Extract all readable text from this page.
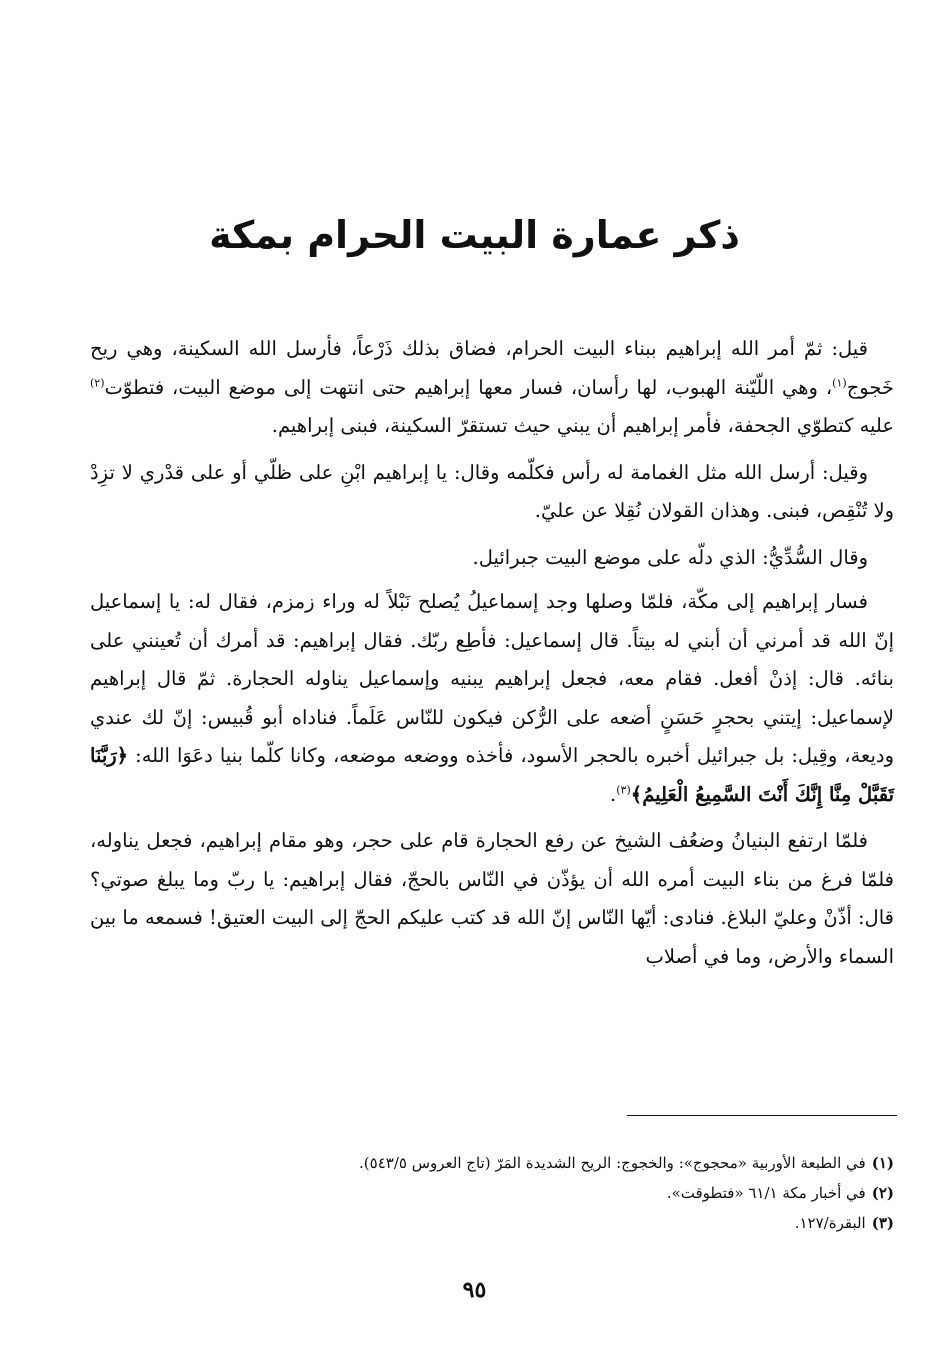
ذكر عمارة البيت الحرام بمكة

قيل: ثمّ أمر الله إبراهيم ببناء البيت الحرام، فضاق بذلك ذَرْعاً، فأرسل الله السكينة، وهي ريح خَجوج$^{(١)}$، وهي اللّيّنة الهبوب، لها رأسان، فسار معها إبراهيم حتى انتهت إلى موضع البيت، فتطوّت$^{(٢)}$ عليه كتطوّي الجحفة، فأمر إبراهيم أن يبني حيث تستقرّ السكينة، فبنى إبراهيم.

وقيل: أرسل الله مثل الغمامة له رأس فكلّمه وقال: يا إبراهيم ابْنِ على ظلّي أو على قدْري لا تزِدْ ولا تُنْقِص، فبنى. وهذان القولان نُقِلا عن عليّ.

وقال السُّدِّيُّ: الذي دلّه على موضع البيت جبرائيل.

فسار إبراهيم إلى مكّة، فلمّا وصلها وجد إسماعيلُ يُصلح نَبْلاً له وراء زمزم، فقال له: يا إسماعيل إنّ الله قد أمرني أن أبني له بيتاً. قال إسماعيل: فأطِع ربّك. فقال إبراهيم: قد أمرك أن تُعينني على بنائه. قال: إذنْ أفعل. فقام معه، فجعل إبراهيم يبنيه وإسماعيل يناوله الحجارة. ثمّ قال إبراهيم لإسماعيل: إيتني بحجرٍ حَسَنٍ أضعه على الرُّكن فيكون للنّاس عَلَماً. فناداه أبو قُبيس: إنّ لك عندي وديعة، وقِيل: بل جبرائيل أخبره بالحجر الأسود، فأخذه ووضعه موضعه، وكانا كلّما بنيا دعَوَا الله: ﴿رَبَّنَا تَقَبَّلْ مِنَّا إِنَّكَ أَنْتَ السَّمِيعُ الْعَلِيمُ﴾$^{(٣)}$.

فلمّا ارتفع البنيانُ وضعُف الشيخ عن رفع الحجارة قام على حجر، وهو مقام إبراهيم، فجعل يناوله، فلمّا فرغ من بناء البيت أمره الله أن يؤذّن في النّاس بالحجّ، فقال إبراهيم: يا ربّ وما يبلغ صوتي؟ قال: أذّنْ وعليّ البلاغ. فنادى: أيّها النّاس إنّ الله قد كتب عليكم الحجّ إلى البيت العتيق! فسمعه ما بين السماء والأرض، وما في أصلاب

(١)في الطبعة الأوربية «محجوج»: والخجوج: الريح الشديدة المَرّ (تاج العروس ٥٤٣/٥).

(٢)في أخبار مكة ٦١/١ «فتطوقت».

(٣)البقرة/١٢٧.

٩٥
